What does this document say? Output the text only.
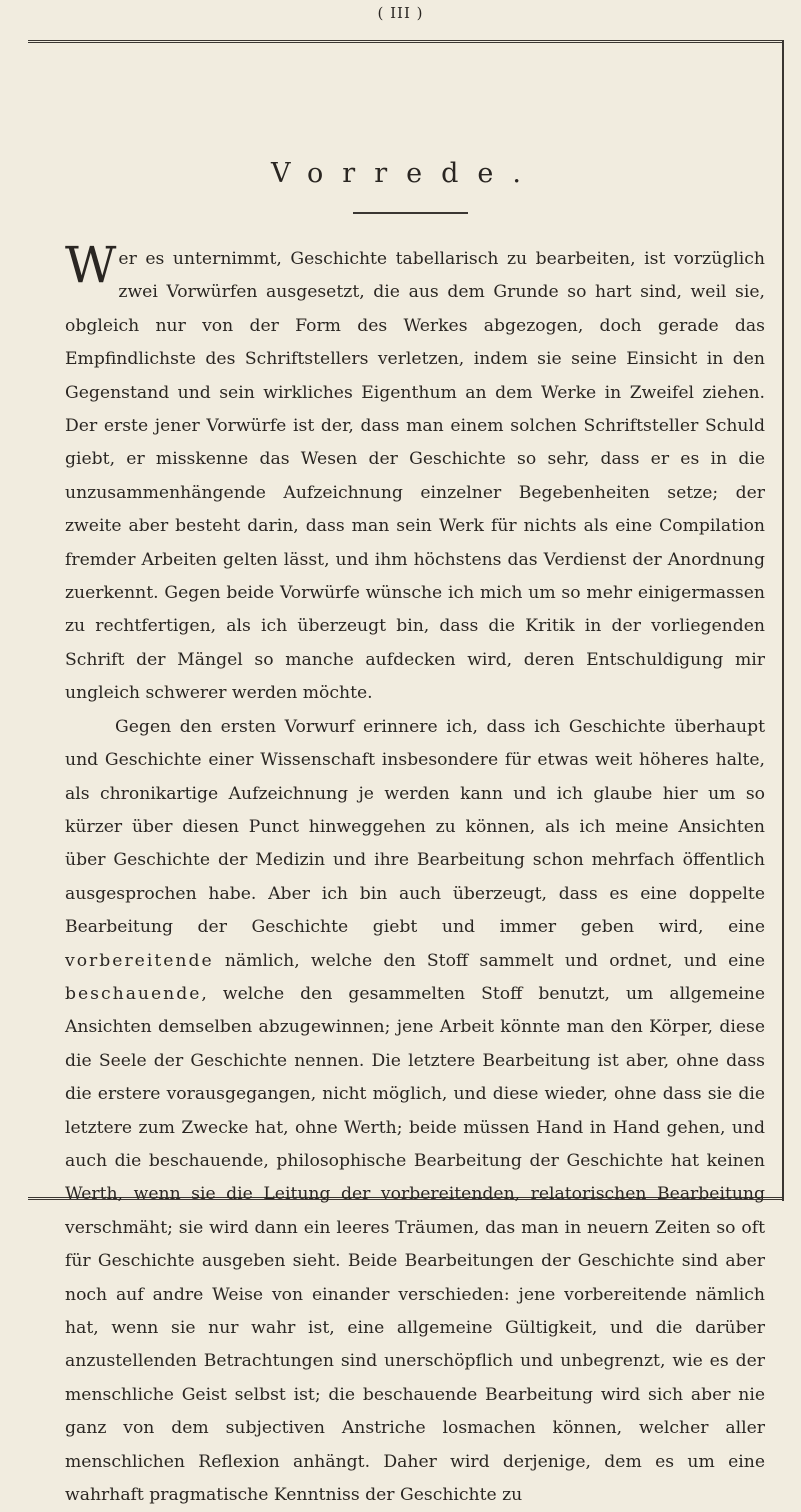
( III )
Vorrede.

Wer es unternimmt, Geschichte tabellarisch zu bearbeiten, ist vorzüglich zwei Vorwürfen ausgesetzt, die aus dem Grunde so hart sind, weil sie, obgleich nur von der Form des Werkes abgezogen, doch gerade das Empfindlichste des Schriftstellers verletzen, indem sie seine Einsicht in den Gegenstand und sein wirkliches Eigenthum an dem Werke in Zweifel ziehen. Der erste jener Vorwürfe ist der, dass man einem solchen Schriftsteller Schuld giebt, er misskenne das Wesen der Geschichte so sehr, dass er es in die unzusammenhängende Aufzeichnung einzelner Begebenheiten setze; der zweite aber besteht darin, dass man sein Werk für nichts als eine Compilation fremder Arbeiten gelten lässt, und ihm höchstens das Verdienst der Anordnung zuerkennt. Gegen beide Vorwürfe wünsche ich mich um so mehr einigermassen zu rechtfertigen, als ich überzeugt bin, dass die Kritik in der vorliegenden Schrift der Mängel so manche aufdecken wird, deren Entschuldigung mir ungleich schwerer werden möchte.

Gegen den ersten Vorwurf erinnere ich, dass ich Geschichte überhaupt und Geschichte einer Wissenschaft insbesondere für etwas weit höheres halte, als chronikartige Aufzeichnung je werden kann und ich glaube hier um so kürzer über diesen Punct hinweggehen zu können, als ich meine Ansichten über Geschichte der Medizin und ihre Bearbeitung schon mehrfach öffentlich ausgesprochen habe. Aber ich bin auch überzeugt, dass es eine doppelte Bearbeitung der Geschichte giebt und immer geben wird, eine vorbereitende nämlich, welche den Stoff sammelt und ordnet, und eine beschauende, welche den gesammelten Stoff benutzt, um allgemeine Ansichten demselben abzugewinnen; jene Arbeit könnte man den Körper, diese die Seele der Geschichte nennen. Die letztere Bearbeitung ist aber, ohne dass die erstere vorausgegangen, nicht möglich, und diese wieder, ohne dass sie die letztere zum Zwecke hat, ohne Werth; beide müssen Hand in Hand gehen, und auch die beschauende, philosophische Bearbeitung der Geschichte hat keinen Werth, wenn sie die Leitung der vorbereitenden, relatorischen Bearbeitung verschmäht; sie wird dann ein leeres Träumen, das man in neuern Zeiten so oft für Geschichte ausgeben sieht. Beide Bearbeitungen der Geschichte sind aber noch auf andre Weise von einander verschieden: jene vorbereitende nämlich hat, wenn sie nur wahr ist, eine allgemeine Gültigkeit, und die darüber anzustellenden Betrachtungen sind unerschöpflich und unbegrenzt, wie es der menschliche Geist selbst ist; die beschauende Bearbeitung wird sich aber nie ganz von dem subjectiven Anstriche losmachen können, welcher aller menschlichen Reflexion anhängt. Daher wird derjenige, dem es um eine wahrhaft pragmatische Kenntniss der Geschichte zu
